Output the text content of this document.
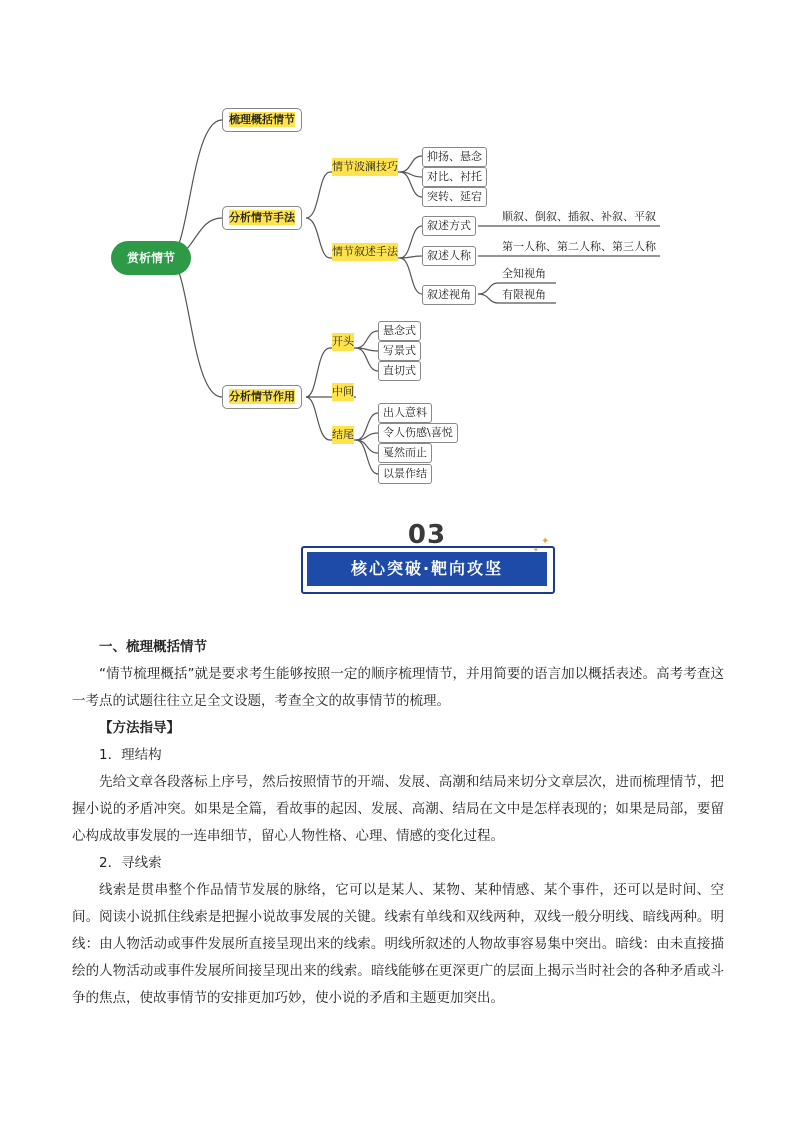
赏析情节
梳理概括情节
分析情节手法
分析情节作用
情节波澜技巧
情节叙述手法
抑扬、悬念
对比、衬托
突转、延宕
叙述方式
叙述人称
叙述视角
顺叙、倒叙、插叙、补叙、平叙
第一人称、第二人称、第三人称
全知视角
有限视角
开头
中间
结尾
悬念式
写景式
直切式
出人意料
令人伤感\喜悦
戛然而止
以景作结
03
核心突破·靶向攻坚
✦
✦

一、梳理概括情节

“情节梳理概括”就是要求考生能够按照一定的顺序梳理情节，并用简要的语言加以概括表述。高考考查这一考点的试题往往立足全文设题，考查全文的故事情节的梳理。

【方法指导】

1．理结构

先给文章各段落标上序号，然后按照情节的开端、发展、高潮和结局来切分文章层次，进而梳理情节，把握小说的矛盾冲突。如果是全篇，看故事的起因、发展、高潮、结局在文中是怎样表现的；如果是局部，要留心构成故事发展的一连串细节，留心人物性格、心理、情感的变化过程。

2．寻线索

线索是贯串整个作品情节发展的脉络，它可以是某人、某物、某种情感、某个事件，还可以是时间、空间。阅读小说抓住线索是把握小说故事发展的关键。线索有单线和双线两种，双线一般分明线、暗线两种。明线：由人物活动或事件发展所直接呈现出来的线索。明线所叙述的人物故事容易集中突出。暗线：由未直接描绘的人物活动或事件发展所间接呈现出来的线索。暗线能够在更深更广的层面上揭示当时社会的各种矛盾或斗争的焦点，使故事情节的安排更加巧妙，使小说的矛盾和主题更加突出。
